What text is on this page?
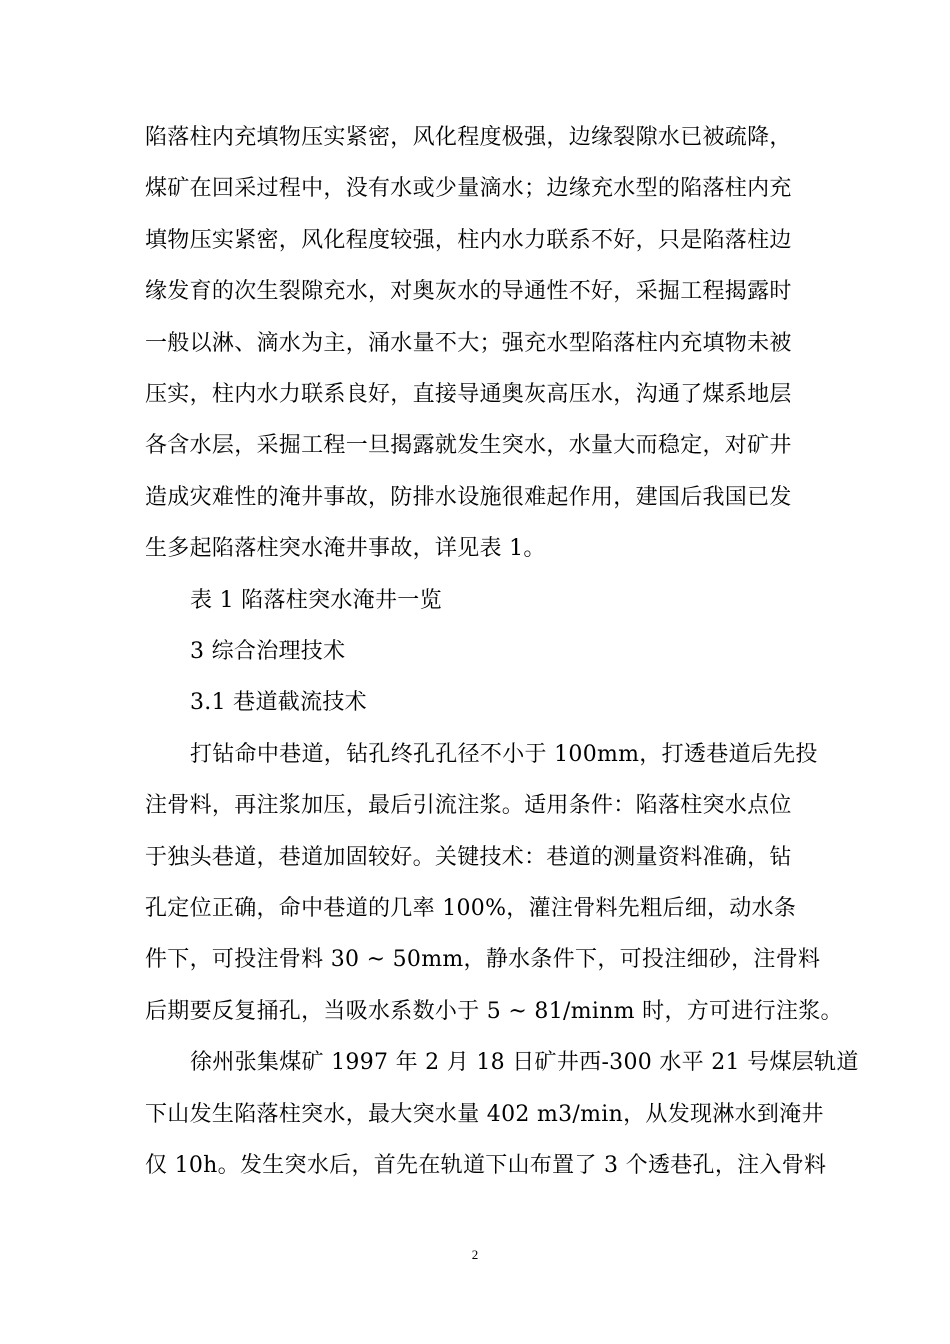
陷落柱内充填物压实紧密，风化程度极强，边缘裂隙水已被疏降，
煤矿在回采过程中，没有水或少量滴水；边缘充水型的陷落柱内充
填物压实紧密，风化程度较强，柱内水力联系不好，只是陷落柱边
缘发育的次生裂隙充水，对奥灰水的导通性不好，采掘工程揭露时
一般以淋、滴水为主，涌水量不大；强充水型陷落柱内充填物未被
压实，柱内水力联系良好，直接导通奥灰高压水，沟通了煤系地层
各含水层，采掘工程一旦揭露就发生突水，水量大而稳定，对矿井
造成灾难性的淹井事故，防排水设施很难起作用，建国后我国已发
生多起陷落柱突水淹井事故，详见表 1。
表 1 陷落柱突水淹井一览
3 综合治理技术
3.1 巷道截流技术
打钻命中巷道，钻孔终孔孔径不小于 100mm，打透巷道后先投
注骨料，再注浆加压，最后引流注浆。适用条件：陷落柱突水点位
于独头巷道，巷道加固较好。关键技术：巷道的测量资料准确，钻
孔定位正确，命中巷道的几率 100%，灌注骨料先粗后细，动水条
件下，可投注骨料 30 ~ 50mm，静水条件下，可投注细砂，注骨料
后期要反复捅孔，当吸水系数小于 5 ~ 81/minm 时，方可进行注浆。
徐州张集煤矿 1997 年 2 月 18 日矿井西-300 水平 21 号煤层轨道
下山发生陷落柱突水，最大突水量 402 m3/min，从发现淋水到淹井
仅 10h。发生突水后，首先在轨道下山布置了 3 个透巷孔，注入骨料
2
